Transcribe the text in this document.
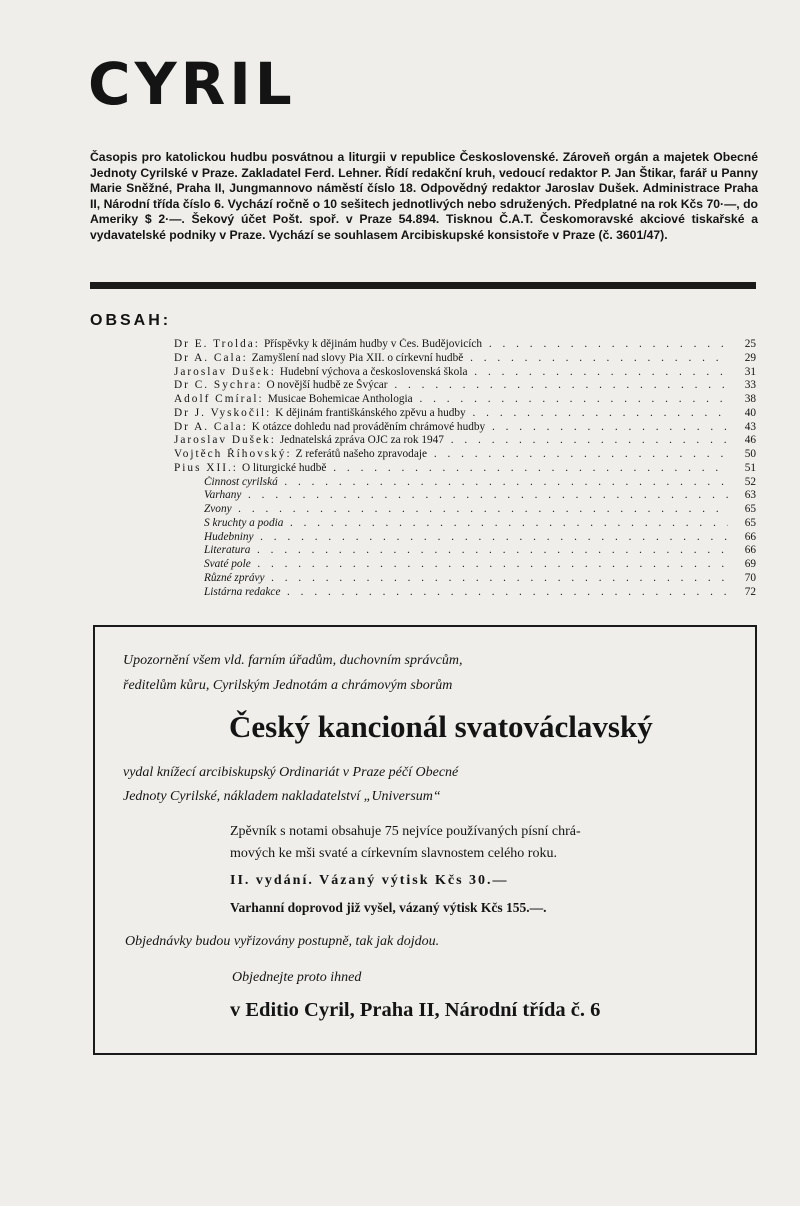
CYRIL

Časopis pro katolickou hudbu posvátnou a liturgii v republice Československé. Zároveň orgán a majetek Obecné Jednoty Cyrilské v Praze. Zakladatel Ferd. Lehner. Řídí redakční kruh, vedoucí redaktor P. Jan Štikar, farář u Panny Marie Sněžné, Praha II, Jungmannovo náměstí číslo 18. Odpovědný redaktor Jaroslav Dušek. Administrace Praha II, Národní třída číslo 6. Vychází ročně o 10 sešitech jednotlivých nebo sdružených. Předplatné na rok Kčs 70·—, do Ameriky $ 2·—. Šekový účet Pošt. spoř. v Praze 54.894. Tisknou Č.A.T. Českomoravské akciové tiskařské a vydavatelské podniky v Praze. Vychází se souhlasem Arcibiskupské konsistoře v Praze (č. 3601/47).

OBSAH:
Dr E. Trolda: Příspěvky k dějinám hudby v Čes. Budějovicích . . .	25
Dr A. Cala: Zamyšlení nad slovy Pia XII. o církevní hudbě . . .	29
Jaroslav Dušek: Hudební výchova a československá škola . . .	31
Dr C. Sychra: O novější hudbě ze Švýcar . . .	33
Adolf Cmíral: Musicae Bohemicae Anthologia . . .	38
Dr J. Vyskočil: K dějinám františkánského zpěvu a hudby . . .	40
Dr A. Cala: K otázce dohledu nad prováděním chrámové hudby . . .	43
Jaroslav Dušek: Jednatelská zpráva OJC za rok 1947 . . .	46
Vojtěch Říhovský: Z referátů našeho zpravodaje . . .	50
Pius XII.: O liturgické hudbě . . .	51
Činnost cyrilská . . .	52
Varhany . . .	63
Zvony . . .	65
S kruchty a podia . . .	65
Hudebniny . . .	66
Literatura . . .	66
Svaté pole . . .	69
Různé zprávy . . .	70
Listárna redakce . . .	72
Upozornění všem vld. farním úřadům, duchovním správcům,
ředitelům kůru, Cyrilským Jednotám a chrámovým sborům
Český kancionál svatováclavský
vydal knížecí arcibiskupský Ordinariát v Praze péčí Obecné
Jednoty Cyrilské, nákladem nakladatelství „Universum“
Zpěvník s notami obsahuje 75 nejvíce používaných písní chrá-
mových ke mši svaté a církevním slavnostem celého roku.
II. vydání. Vázaný výtisk Kčs 30.—
Varhanní doprovod již vyšel, vázaný výtisk Kčs 155.—.
Objednávky budou vyřizovány postupně, tak jak dojdou.
Objednejte proto ihned
v Editio Cyril, Praha II, Národní třída č. 6
